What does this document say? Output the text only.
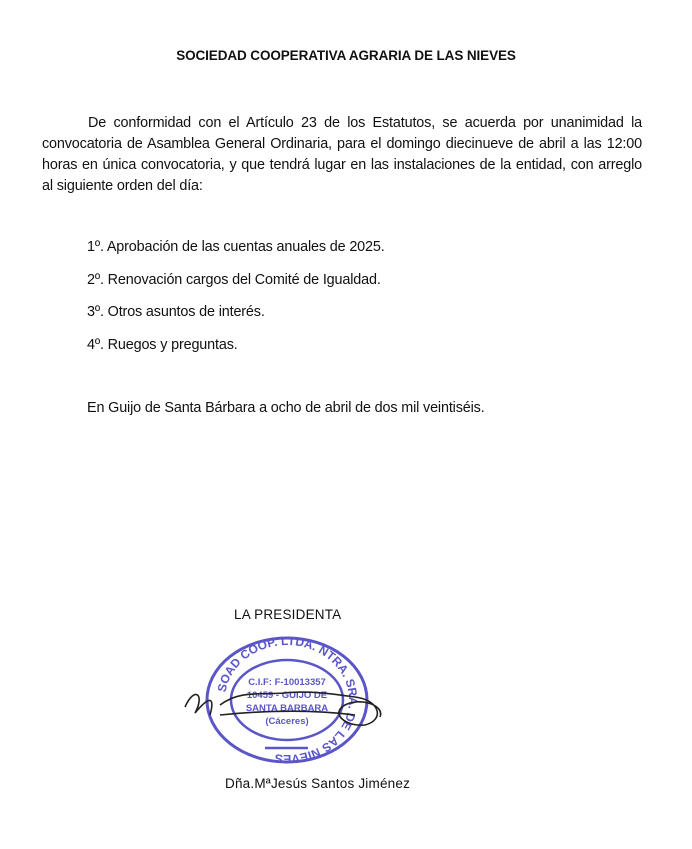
SOCIEDAD COOPERATIVA AGRARIA DE LAS NIEVES
De conformidad con el Artículo 23 de los Estatutos, se acuerda por unanimidad la convocatoria de Asamblea General Ordinaria, para el domingo diecinueve de abril a las 12:00 horas en única convocatoria, y que tendrá lugar en las instalaciones de la entidad, con arreglo al siguiente orden del día:
1º. Aprobación de las cuentas anuales de 2025.
2º. Renovación cargos del Comité de Igualdad.
3º. Otros asuntos de interés.
4º. Ruegos y preguntas.
En Guijo de Santa Bárbara a ocho de abril de dos mil veintiséis.
LA PRESIDENTA
SOAD COOP. LTDA. NTRA. SRA. DE LAS NIEVES
C.I.F: F-10013357
10459 - GUIJO DE
SANTA BARBARA
(Cáceres)
Dña.MªJesús Santos Jiménez
